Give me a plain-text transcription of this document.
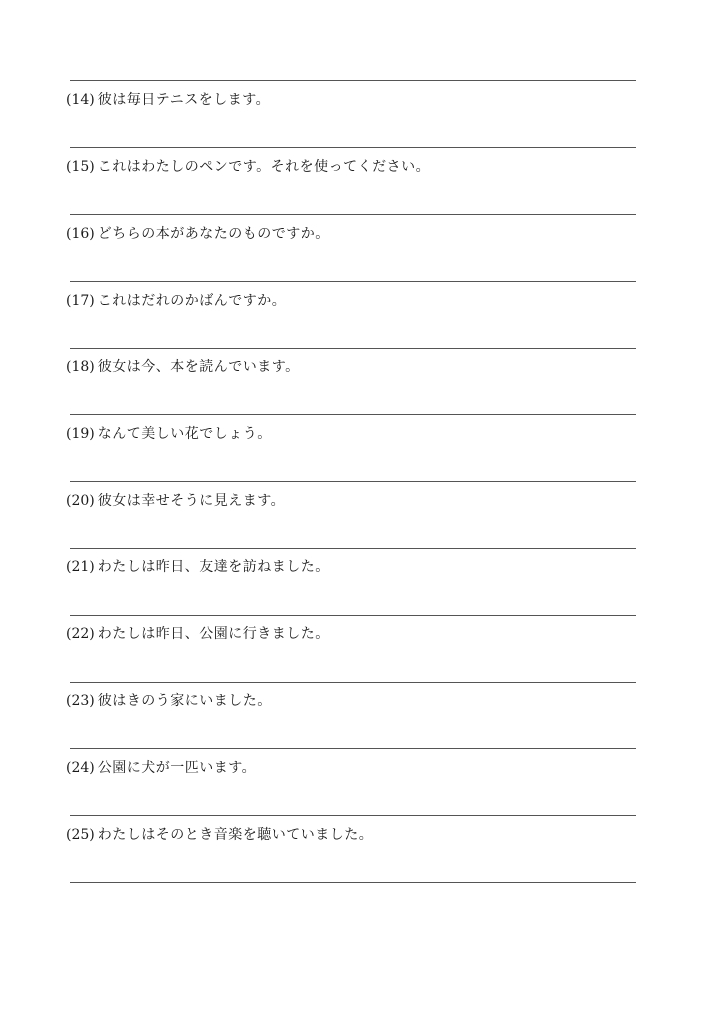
(14) 彼は毎日テニスをします。
(15) これはわたしのペンです。それを使ってください。
(16) どちらの本があなたのものですか。
(17) これはだれのかばんですか。
(18) 彼女は今、本を読んでいます。
(19) なんて美しい花でしょう。
(20) 彼女は幸せそうに見えます。
(21) わたしは昨日、友達を訪ねました。
(22) わたしは昨日、公園に行きました。
(23) 彼はきのう家にいました。
(24) 公園に犬が一匹います。
(25) わたしはそのとき音楽を聴いていました。
